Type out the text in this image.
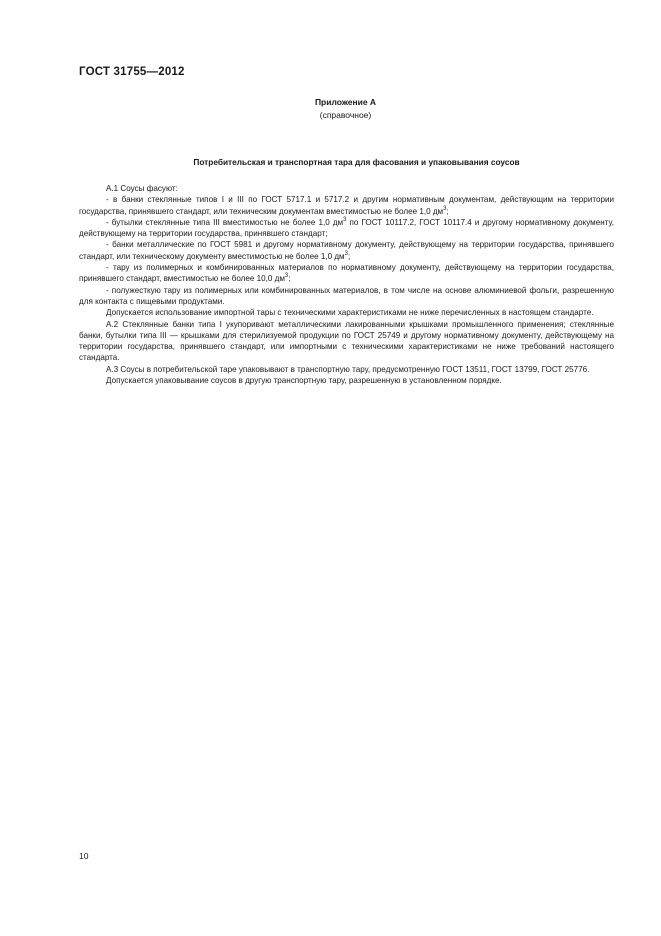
ГОСТ 31755—2012
Приложение А
(справочное)
Потребительская и транспортная тара для фасования и упаковывания соусов

А.1 Соусы фасуют:

- в банки стеклянные типов I и III по ГОСТ 5717.1 и 5717.2 и другим нормативным документам, действующим на территории государства, принявшего стандарт, или техническим документам вместимостью не более 1,0 $дм^3$;

- бутылки стеклянные типа III вместимостью не более 1,0 $дм^3$ по ГОСТ 10117.2, ГОСТ 10117.4 и другому нормативному документу, действующему на территории государства, принявшего стандарт;

- банки металлические по ГОСТ 5981 и другому нормативному документу, действующему на территории государства, принявшего стандарт, или техническому документу вместимостью не более 1,0 $дм^3$;

- тару из полимерных и комбинированных материалов по нормативному документу, действующему на территории государства, принявшего стандарт, вместимостью не более 10,0 $дм^3$;

- полужесткую тару из полимерных или комбинированных материалов, в том числе на основе алюминиевой фольги, разрешенную для контакта с пищевыми продуктами.

Допускается использование импортной тары с техническими характеристиками не ниже перечисленных в настоящем стандарте.

А.2 Стеклянные банки типа I укупоривают металлическими лакированными крышками промышленного применения; стеклянные банки, бутылки типа III — крышками для стерилизуемой продукции по ГОСТ 25749 и другому нормативному документу, действующему на территории государства, принявшего стандарт, или импортными с техническими характеристиками не ниже требований настоящего стандарта.

А.3 Соусы в потребительской таре упаковывают в транспортную тару, предусмотренную ГОСТ 13511, ГОСТ 13799, ГОСТ 25776.

Допускается упаковывание соусов в другую транспортную тару, разрешенную в установленном порядке.

10
